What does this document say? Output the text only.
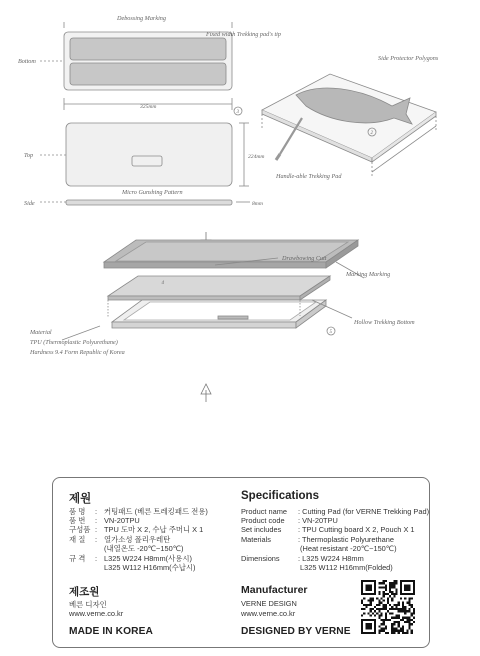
Debossing Marking
Bottom
Fixed width Trekking pad's tip
Side Protector Polygons
Top
325mm
224mm
Handle-able Trekking Pad
Micro Gunshing Pattern
Side	8mm
Drawbowing Cutt
Marking Marking
Material
TPU (Thermoplastic Polyurethane)
Hardness 9.4 Form Republic of Korea
Hollow Trekking Bottom
3
2
4
5
제원
품 명: 커팅패드 (베른 트레킹패드 전용)
품 번: VN-20TPU
구성품: TPU 도마 X 2, 수납 주머니 X 1
재 질: 열가소성 폴리우레탄
(내열온도 -20℃~150℃)
규 격: L325 W224 H8mm(사용시)
L325 W112 H16mm(수납시)
제조원
베른 디자인
www.verne.co.kr
MADE IN KOREA
Specifications
Product name : Cutting Pad (for VERNE Trekking Pad)
Product code : VN-20TPU
Set includes : TPU Cutting board X 2, Pouch X 1
Materials	: Thermoplastic Polyurethane
(Heat resistant -20℃~150℃)
Dimensions : L325 W224 H8mm
L325 W112 H16mm(Folded)
Manufacturer
VERNE DESIGN
www.verne.co.kr
DESIGNED BY VERNE
